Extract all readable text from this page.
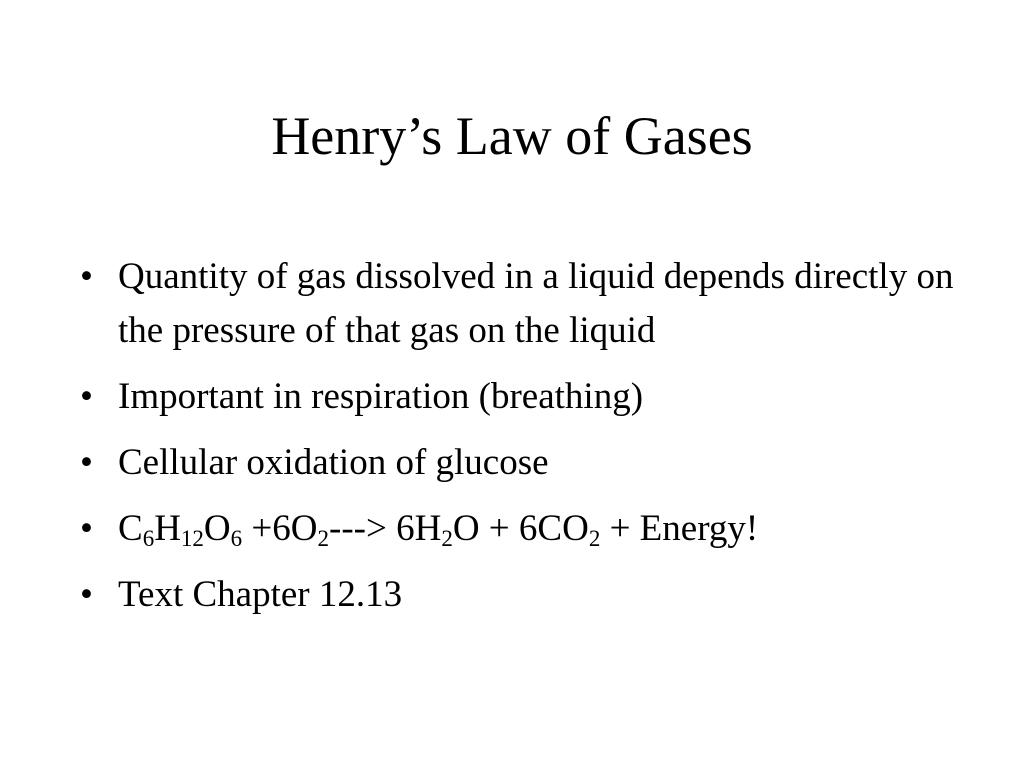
Henry’s Law of Gases
• Quantity of gas dissolved in a liquid depends directly on the pressure of that gas on the liquid
• Important in respiration (breathing)
• Cellular oxidation of glucose
• $C_6H_{12}O_6 +6O_2---> 6H_2O + 6CO_2$ + Energy!
• Text Chapter 12.13
